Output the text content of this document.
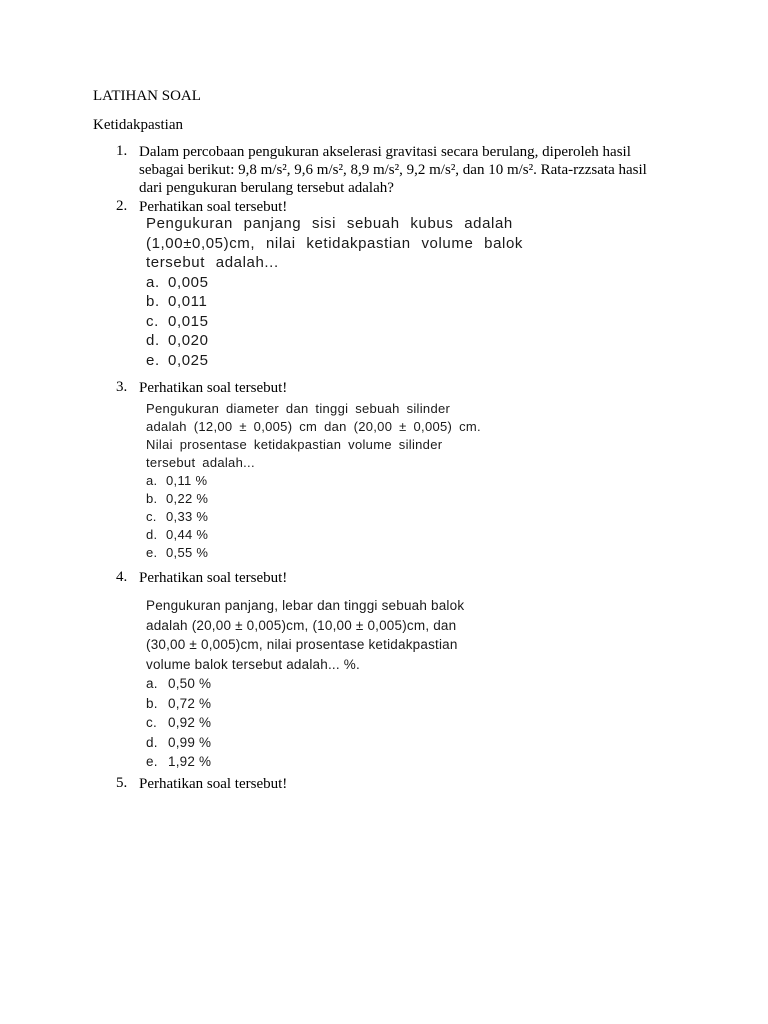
LATIHAN SOAL
Ketidakpastian
1. Dalam percobaan pengukuran akselerasi gravitasi secara berulang, diperoleh hasil
sebagai berikut: 9,8 m/s², 9,6 m/s², 8,9 m/s², 9,2 m/s², dan 10 m/s². Rata-rzzsata hasil
dari pengukuran berulang tersebut adalah?
2. Perhatikan soal tersebut!
Pengukuran panjang sisi sebuah kubus adalah
(1,00±0,05)cm, nilai ketidakpastian volume balok
tersebut adalah...
a. 0,005
b. 0,011
c. 0,015
d. 0,020
e. 0,025
3. Perhatikan soal tersebut!
Pengukuran diameter dan tinggi sebuah silinder
adalah (12,00 ± 0,005) cm dan (20,00 ± 0,005) cm.
Nilai prosentase ketidakpastian volume silinder
tersebut adalah...
a. 0,11 %
b. 0,22 %
c. 0,33 %
d. 0,44 %
e. 0,55 %
4. Perhatikan soal tersebut!
Pengukuran panjang, lebar dan tinggi sebuah balok
adalah (20,00 ± 0,005)cm, (10,00 ± 0,005)cm, dan
(30,00 ± 0,005)cm, nilai prosentase ketidakpastian
volume balok tersebut adalah... %.
a. 0,50 %
b. 0,72 %
c. 0,92 %
d. 0,99 %
e. 1,92 %
5. Perhatikan soal tersebut!
